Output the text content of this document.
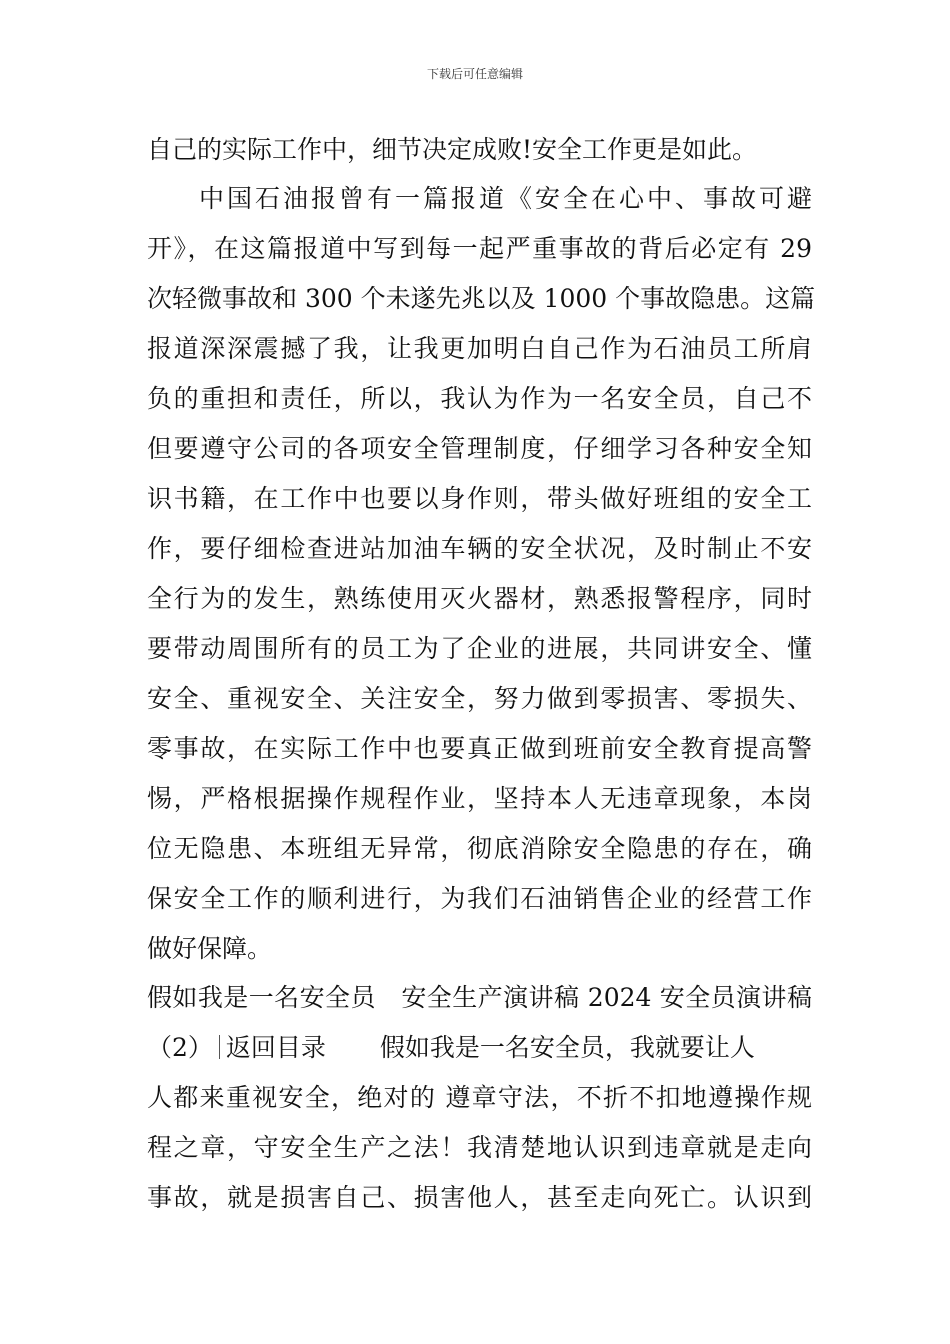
下载后可任意编辑
自己的实际工作中，细节决定成败!安全工作更是如此。
中国石油报曾有一篇报道《安全在心中、事故可避
开》，在这篇报道中写到每一起严重事故的背后必定有 29
次轻微事故和 300 个未遂先兆以及 1000 个事故隐患。这篇
报道深深震撼了我，让我更加明白自己作为石油员工所肩
负的重担和责任，所以，我认为作为一名安全员，自己不
但要遵守公司的各项安全管理制度，仔细学习各种安全知
识书籍，在工作中也要以身作则，带头做好班组的安全工
作，要仔细检查进站加油车辆的安全状况，及时制止不安
全行为的发生，熟练使用灭火器材，熟悉报警程序，同时
要带动周围所有的员工为了企业的进展，共同讲安全、懂
安全、重视安全、关注安全，努力做到零损害、零损失、
零事故，在实际工作中也要真正做到班前安全教育提高警
惕，严格根据操作规程作业，坚持本人无违章现象，本岗
位无隐患、本班组无异常，彻底消除安全隐患的存在，确
保安全工作的顺利进行，为我们石油销售企业的经营工作
做好保障。
假如我是一名安全员　安全生产演讲稿 2024 安全员演讲稿
（2） 返回目录 假如我是一名安全员，我就要让人
人都来重视安全，绝对的 遵章守法，不折不扣地遵操作规
程之章，守安全生产之法！我清楚地认识到违章就是走向
事故，就是损害自己、损害他人，甚至走向死亡。认识到
